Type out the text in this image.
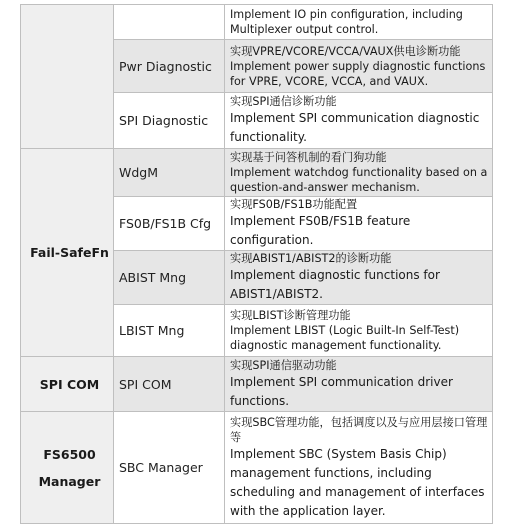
		Implement IO pin configuration, including Multiplexer output control.

	Pwr Diagnostic	实现VPRE/VCORE/VCCA/VAUX供电诊断功能
Implement power supply diagnostic functions for VPRE, VCORE, VCCA, and VAUX.

	SPI Diagnostic	实现SPI通信诊断功能
Implement SPI communication diagnostic functionality.

Fail-SafeFn	WdgM	实现基于问答机制的看门狗功能
Implement watchdog functionality based on a question-and-answer mechanism.

	FS0B/FS1B Cfg	实现FS0B/FS1B功能配置
Implement FS0B/FS1B feature configuration.

	ABIST Mng	实现ABIST1/ABIST2的诊断功能
Implement diagnostic functions for ABIST1/ABIST2.

	LBIST Mng	实现LBIST诊断管理功能
Implement LBIST (Logic Built-In Self-Test) diagnostic management functionality.

SPI COM	SPI COM	实现SPI通信驱动功能
Implement SPI communication driver functions.

FS6500 Manager	SBC Manager	实现SBC管理功能，包括调度以及与应用层接口管理等
Implement SBC (System Basis Chip) management functions, including scheduling and management of interfaces with the application layer.
